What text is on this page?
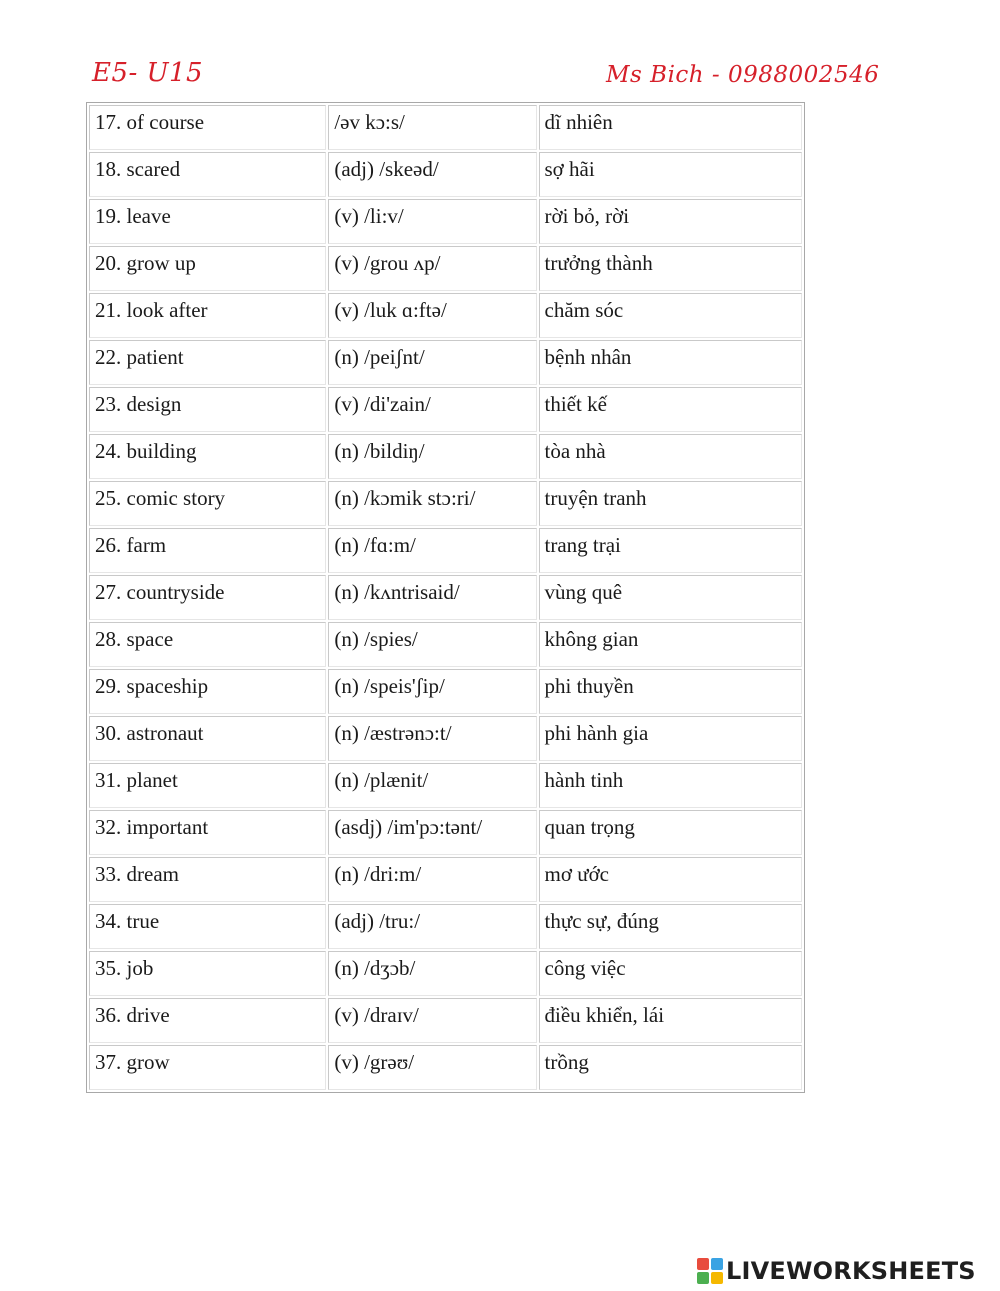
E5- U15	Ms Bich - 0988002546
17. of course	/əv kɔ:s/	dĩ nhiên
18. scared	(adj) /skeəd/	sợ hãi
19. leave	(v) /li:v/	rời bỏ, rời
20. grow up	(v) /grou ʌp/	trưởng thành
21. look after	(v) /luk ɑ:ftə/	chăm sóc
22. patient	(n) /peiʃnt/	bệnh nhân
23. design	(v) /di'zain/	thiết kế
24. building	(n) /bildiŋ/	tòa nhà
25. comic story	(n) /kɔmik stɔ:ri/	truyện tranh
26. farm	(n) /fɑ:m/	trang trại
27. countryside	(n) /kʌntrisaid/	vùng quê
28. space	(n) /spies/	không gian
29. spaceship	(n) /speis'ʃip/	phi thuyền
30. astronaut	(n) /æstrənɔ:t/	phi hành gia
31. planet	(n) /plænit/	hành tinh
32. important	(asdj) /im'pɔ:tənt/	quan trọng
33. dream	(n) /dri:m/	mơ ước
34. true	(adj) /tru:/	thực sự, đúng
35. job	(n) /dʒɔb/	công việc
36. drive	(v) /draɪv/	điều khiển, lái
37. grow	(v) /grəʊ/	trồng
LIVEWORKSHEETS
